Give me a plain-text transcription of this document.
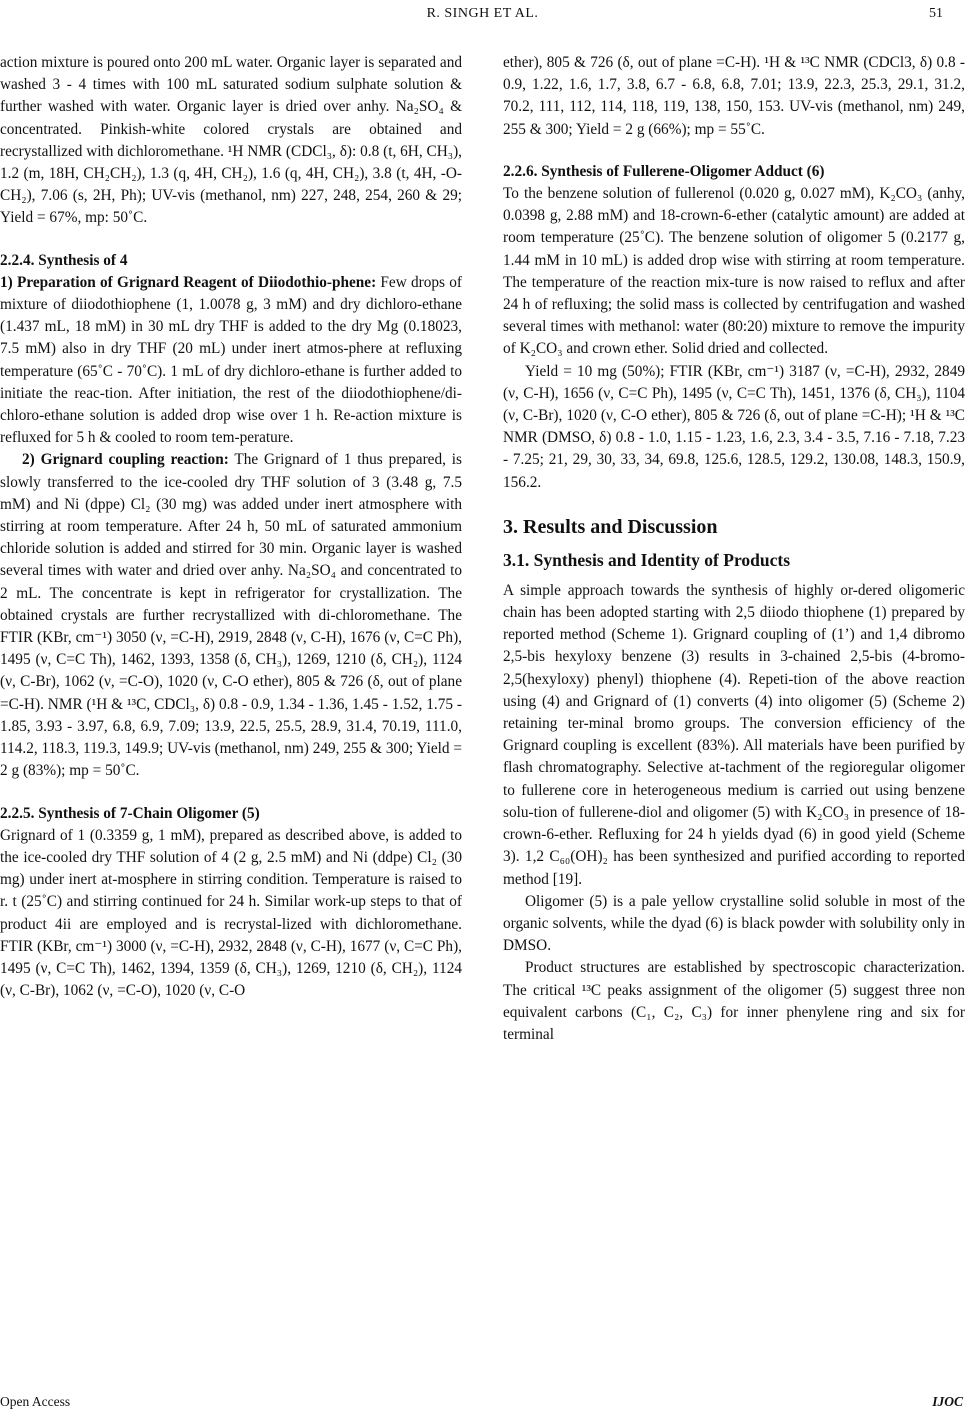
R. SINGH ET AL.	51

action mixture is poured onto 200 mL water. Organic layer is separated and washed 3 - 4 times with 100 mL saturated sodium sulphate solution & further washed with water. Organic layer is dried over anhy. Na₂SO₄ & concentrated. Pinkish-white colored crystals are obtained and recrystallized with dichloromethane. ¹H NMR (CDCl₃, δ): 0.8 (t, 6H, CH₃), 1.2 (m, 18H, CH₂CH₂), 1.3 (q, 4H, CH₂), 1.6 (q, 4H, CH₂), 3.8 (t, 4H, -O-CH₂), 7.06 (s, 2H, Ph); UV-vis (methanol, nm) 227, 248, 254, 260 & 29; Yield = 67%, mp: 50˚C.

2.2.4. Synthesis of 4

1) Preparation of Grignard Reagent of Diiodothio-phene: Few drops of mixture of diiodothiophene (1, 1.0078 g, 3 mM) and dry dichloro-ethane (1.437 mL, 18 mM) in 30 mL dry THF is added to the dry Mg (0.18023, 7.5 mM) also in dry THF (20 mL) under inert atmos-phere at refluxing temperature (65˚C - 70˚C). 1 mL of dry dichloro-ethane is further added to initiate the reac-tion. After initiation, the rest of the diiodothiophene/di-chloro-ethane solution is added drop wise over 1 h. Re-action mixture is refluxed for 5 h & cooled to room tem-perature.

2) Grignard coupling reaction: The Grignard of 1 thus prepared, is slowly transferred to the ice-cooled dry THF solution of 3 (3.48 g, 7.5 mM) and Ni (dppe) Cl₂ (30 mg) was added under inert atmosphere with stirring at room temperature. After 24 h, 50 mL of saturated ammonium chloride solution is added and stirred for 30 min. Organic layer is washed several times with water and dried over anhy. Na₂SO₄ and concentrated to 2 mL. The concentrate is kept in refrigerator for crystallization. The obtained crystals are further recrystallized with di-chloromethane. The FTIR (KBr, cm⁻¹) 3050 (ν, =C-H), 2919, 2848 (ν, C-H), 1676 (ν, C=C Ph), 1495 (ν, C=C Th), 1462, 1393, 1358 (δ, CH₃), 1269, 1210 (δ, CH₂), 1124 (ν, C-Br), 1062 (ν, =C-O), 1020 (ν, C-O ether), 805 & 726 (δ, out of plane =C-H). NMR (¹H & ¹³C, CDCl₃, δ) 0.8 - 0.9, 1.34 - 1.36, 1.45 - 1.52, 1.75 - 1.85, 3.93 - 3.97, 6.8, 6.9, 7.09; 13.9, 22.5, 25.5, 28.9, 31.4, 70.19, 111.0, 114.2, 118.3, 119.3, 149.9; UV-vis (methanol, nm) 249, 255 & 300; Yield = 2 g (83%); mp = 50˚C.

2.2.5. Synthesis of 7-Chain Oligomer (5)

Grignard of 1 (0.3359 g, 1 mM), prepared as described above, is added to the ice-cooled dry THF solution of 4 (2 g, 2.5 mM) and Ni (ddpe) Cl₂ (30 mg) under inert at-mosphere in stirring condition. Temperature is raised to r. t (25˚C) and stirring continued for 24 h. Similar work-up steps to that of product 4ii are employed and is recrystal-lized with dichloromethane. FTIR (KBr, cm⁻¹) 3000 (ν, =C-H), 2932, 2848 (ν, C-H), 1677 (ν, C=C Ph), 1495 (ν, C=C Th), 1462, 1394, 1359 (δ, CH₃), 1269, 1210 (δ, CH₂), 1124 (ν, C-Br), 1062 (ν, =C-O), 1020 (ν, C-O

ether), 805 & 726 (δ, out of plane =C-H). ¹H & ¹³C NMR (CDCl3, δ) 0.8 - 0.9, 1.22, 1.6, 1.7, 3.8, 6.7 - 6.8, 6.8, 7.01; 13.9, 22.3, 25.3, 29.1, 31.2, 70.2, 111, 112, 114, 118, 119, 138, 150, 153. UV-vis (methanol, nm) 249, 255 & 300; Yield = 2 g (66%); mp = 55˚C.

2.2.6. Synthesis of Fullerene-Oligomer Adduct (6)

To the benzene solution of fullerenol (0.020 g, 0.027 mM), K₂CO₃ (anhy, 0.0398 g, 2.88 mM) and 18-crown-6-ether (catalytic amount) are added at room temperature (25˚C). The benzene solution of oligomer 5 (0.2177 g, 1.44 mM in 10 mL) is added drop wise with stirring at room temperature. The temperature of the reaction mix-ture is now raised to reflux and after 24 h of refluxing; the solid mass is collected by centrifugation and washed several times with methanol: water (80:20) mixture to remove the impurity of K₂CO₃ and crown ether. Solid dried and collected.

Yield = 10 mg (50%); FTIR (KBr, cm⁻¹) 3187 (ν, =C-H), 2932, 2849 (ν, C-H), 1656 (ν, C=C Ph), 1495 (ν, C=C Th), 1451, 1376 (δ, CH₃), 1104 (ν, C-Br), 1020 (ν, C-O ether), 805 & 726 (δ, out of plane =C-H); ¹H & ¹³C NMR (DMSO, δ) 0.8 - 1.0, 1.15 - 1.23, 1.6, 2.3, 3.4 - 3.5, 7.16 - 7.18, 7.23 - 7.25; 21, 29, 30, 33, 34, 69.8, 125.6, 128.5, 129.2, 130.08, 148.3, 150.9, 156.2.

3. Results and Discussion

3.1. Synthesis and Identity of Products

A simple approach towards the synthesis of highly or-dered oligomeric chain has been adopted starting with 2,5 diiodo thiophene (1) prepared by reported method (Scheme 1). Grignard coupling of (1’) and 1,4 dibromo 2,5-bis hexyloxy benzene (3) results in 3-chained 2,5-bis (4-bromo-2,5(hexyloxy) phenyl) thiophene (4). Repeti-tion of the above reaction using (4) and Grignard of (1) converts (4) into oligomer (5) (Scheme 2) retaining ter-minal bromo groups. The conversion efficiency of the Grignard coupling is excellent (83%). All materials have been purified by flash chromatography. Selective at-tachment of the regioregular oligomer to fullerene core in heterogeneous medium is carried out using benzene solu-tion of fullerene-diol and oligomer (5) with K₂CO₃ in presence of 18-crown-6-ether. Refluxing for 24 h yields dyad (6) in good yield (Scheme 3). 1,2 C₆₀(OH)₂ has been synthesized and purified according to reported method [19].

Oligomer (5) is a pale yellow crystalline solid soluble in most of the organic solvents, while the dyad (6) is black powder with solubility only in DMSO.

Product structures are established by spectroscopic characterization. The critical ¹³C peaks assignment of the oligomer (5) suggest three non equivalent carbons (C₁, C₂, C₃) for inner phenylene ring and six for terminal

Open Access	IJOC
